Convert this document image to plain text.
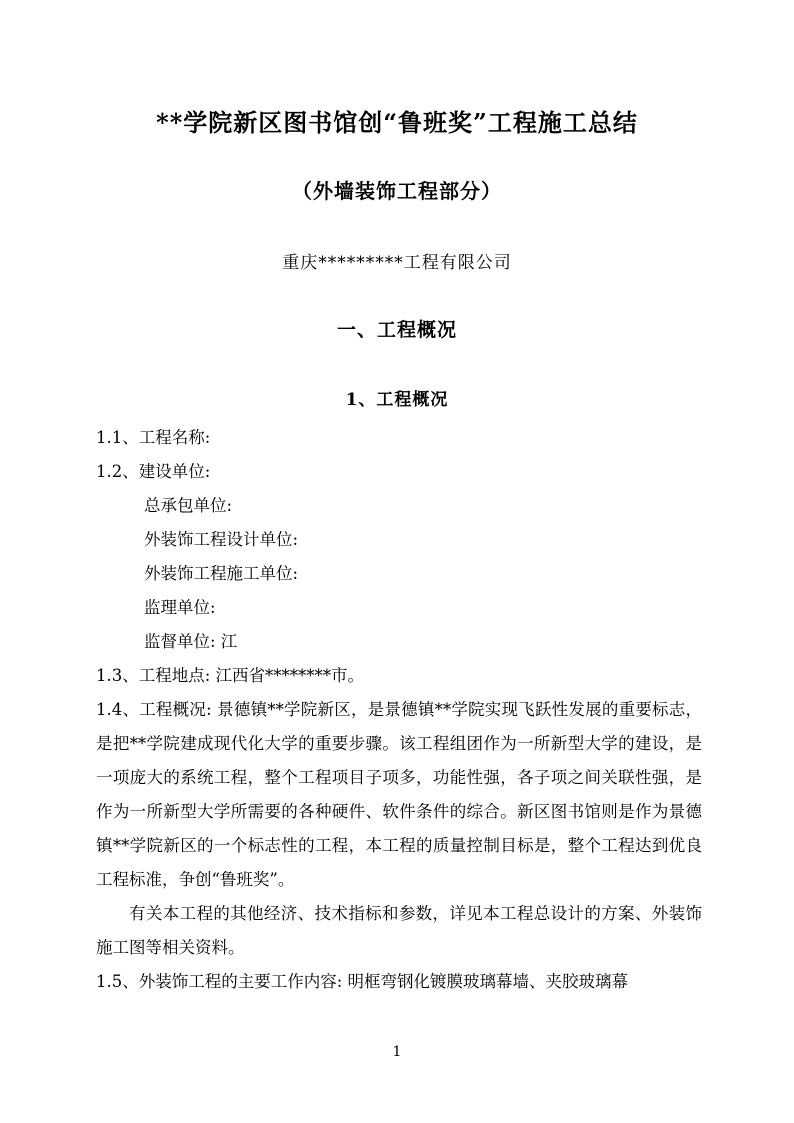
**学院新区图书馆创“鲁班奖”工程施工总结
（外墙装饰工程部分）
重庆*********工程有限公司
一、工程概况
1、工程概况
1.1、工程名称:
1.2、建设单位:
总承包单位:
外装饰工程设计单位:
外装饰工程施工单位:
监理单位:
监督单位: 江
1.3、工程地点: 江西省********市。
1.4、工程概况: 景德镇**学院新区，是景德镇**学院实现飞跃性发展的重要标志，是把**学院建成现代化大学的重要步骤。该工程组团作为一所新型大学的建设，是一项庞大的系统工程，整个工程项目子项多，功能性强，各子项之间关联性强，是作为一所新型大学所需要的各种硬件、软件条件的综合。新区图书馆则是作为景德镇**学院新区的一个标志性的工程，本工程的质量控制目标是，整个工程达到优良工程标准，争创“鲁班奖”。
有关本工程的其他经济、技术指标和参数，详见本工程总设计的方案、外装饰施工图等相关资料。
1.5、外装饰工程的主要工作内容: 明框弯钢化镀膜玻璃幕墙、夹胶玻璃幕
1
